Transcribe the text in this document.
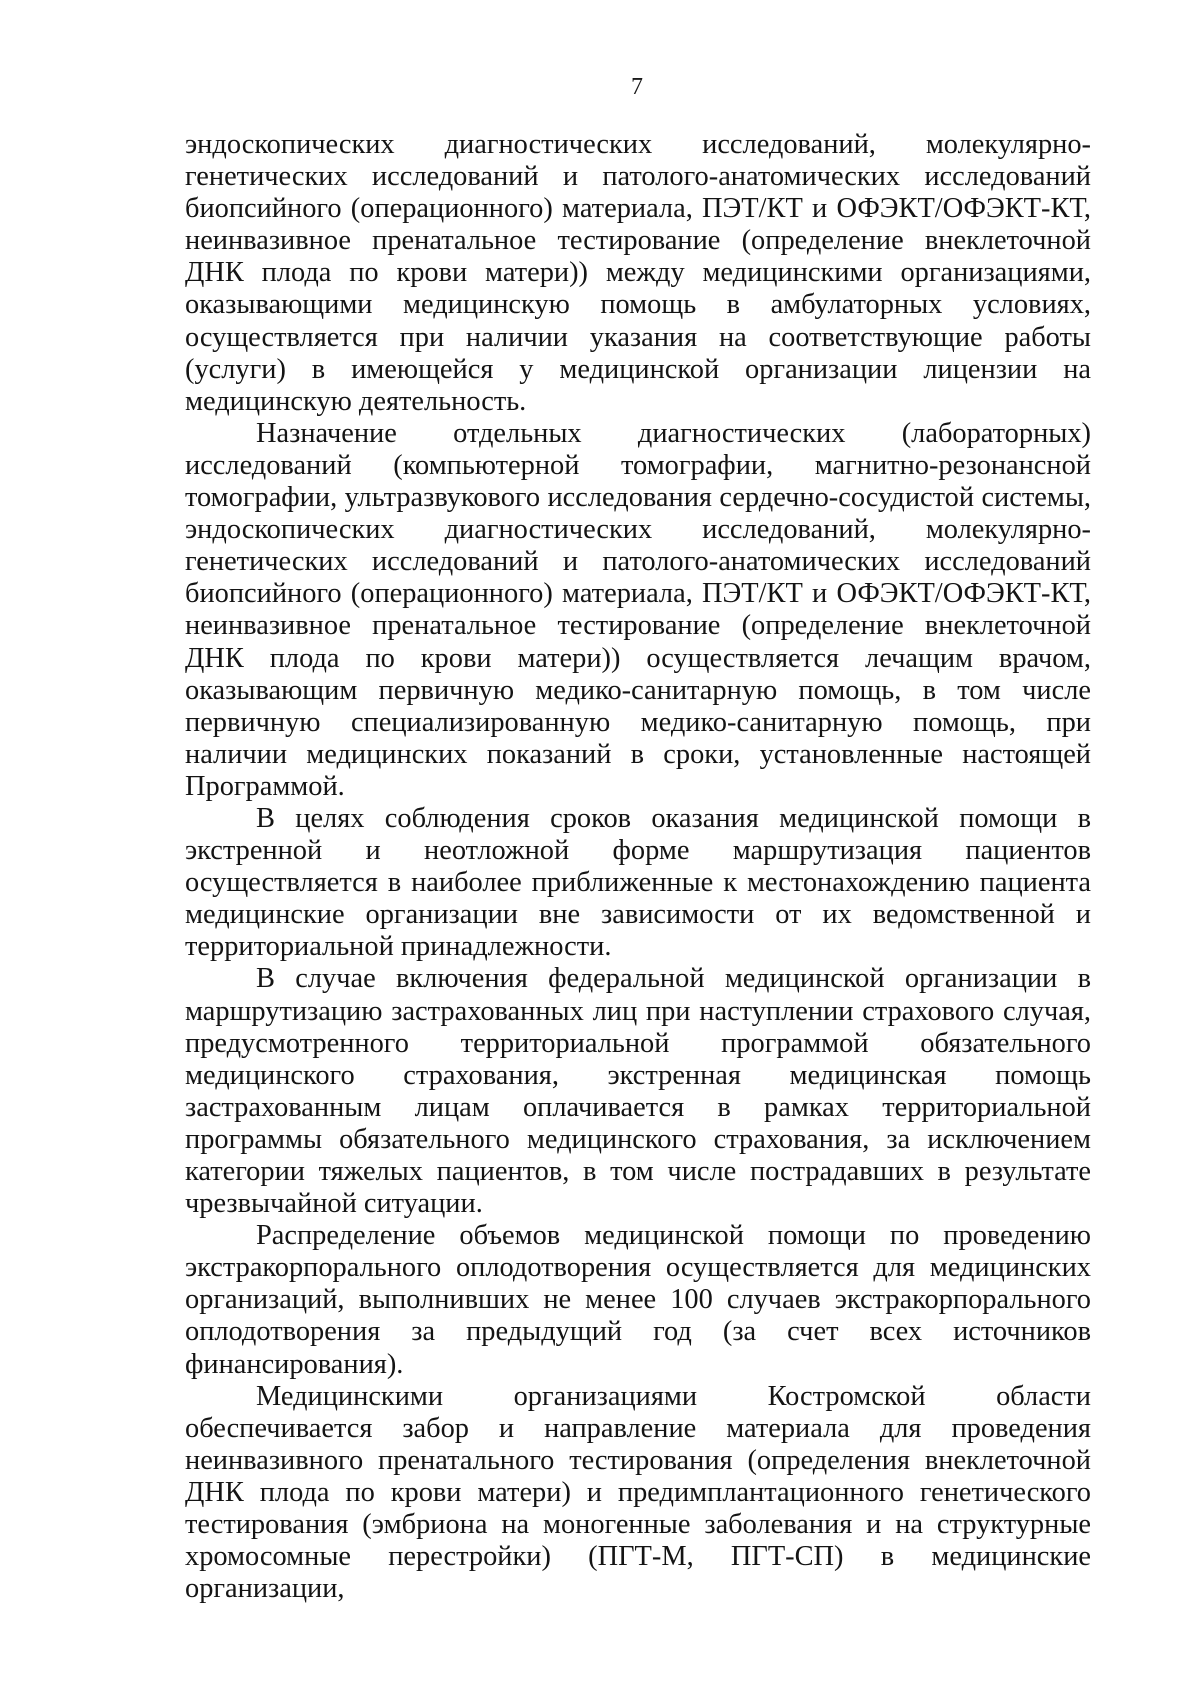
7

эндоскопических диагностических исследований, молекулярно-генетических исследований и патолого-анатомических исследований биопсийного (операционного) материала, ПЭТ/КТ и ОФЭКТ/ОФЭКТ-КТ, неинвазивное пренатальное тестирование (определение внеклеточной ДНК плода по крови матери)) между медицинскими организациями, оказывающими медицинскую помощь в амбулаторных условиях, осуществляется при наличии указания на соответствующие работы (услуги) в имеющейся у медицинской организации лицензии на медицинскую деятельность.

Назначение отдельных диагностических (лабораторных) исследований (компьютерной томографии, магнитно-резонансной томографии, ультразвукового исследования сердечно-сосудистой системы, эндоскопических диагностических исследований, молекулярно-генетических исследований и патолого-анатомических исследований биопсийного (операционного) материала, ПЭТ/КТ и ОФЭКТ/ОФЭКТ-КТ, неинвазивное пренатальное тестирование (определение внеклеточной ДНК плода по крови матери)) осуществляется лечащим врачом, оказывающим первичную медико-санитарную помощь, в том числе первичную специализированную медико-санитарную помощь, при наличии медицинских показаний в сроки, установленные настоящей Программой.

В целях соблюдения сроков оказания медицинской помощи в экстренной и неотложной форме маршрутизация пациентов осуществляется в наиболее приближенные к местонахождению пациента медицинские организации вне зависимости от их ведомственной и территориальной принадлежности.

В случае включения федеральной медицинской организации в маршрутизацию застрахованных лиц при наступлении страхового случая, предусмотренного территориальной программой обязательного медицинского страхования, экстренная медицинская помощь застрахованным лицам оплачивается в рамках территориальной программы обязательного медицинского страхования, за исключением категории тяжелых пациентов, в том числе пострадавших в результате чрезвычайной ситуации.

Распределение объемов медицинской помощи по проведению экстракорпорального оплодотворения осуществляется для медицинских организаций, выполнивших не менее 100 случаев экстракорпорального оплодотворения за предыдущий год (за счет всех источников финансирования).

Медицинскими организациями Костромской области обеспечивается забор и направление материала для проведения неинвазивного пренатального тестирования (определения внеклеточной ДНК плода по крови матери) и предимплантационного генетического тестирования (эмбриона на моногенные заболевания и на структурные хромосомные перестройки) (ПГТ-М, ПГТ-СП) в медицинские организации,
